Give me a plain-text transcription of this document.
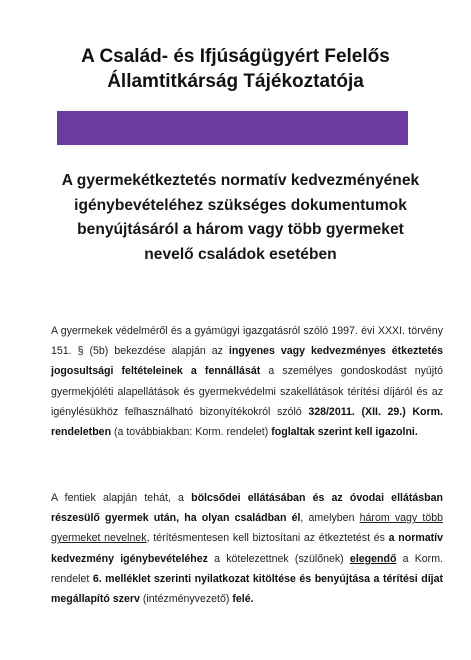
A Család- és Ifjúságügyért Felelős
Államtitkárság Tájékoztatója
A gyermekétkeztetés normatív kedvezményének
igénybevételéhez szükséges dokumentumok
benyújtásáról a három vagy több gyermeket
nevelő családok esetében
A gyermekek védelméről és a gyámügyi igazgatásról szóló 1997. évi XXXI. törvény 151. § (5b) bekezdése alapján az ingyenes vagy kedvezményes étkeztetés jogosultsági feltételeinek a fennállását a személyes gondoskodást nyújtó gyermekjóléti alapellátások és gyermekvédelmi szakellátások térítési díjáról és az igénylésükhöz felhasználható bizonyítékokról szóló 328/2011. (XII. 29.) Korm. rendeletben (a továbbiakban: Korm. rendelet) foglaltak szerint kell igazolni.
A fentiek alapján tehát, a bölcsődei ellátásában és az óvodai ellátásban részesülő gyermek után, ha olyan családban él, amelyben három vagy több gyermeket nevelnek, térítésmentesen kell biztosítani az étkeztetést és a normatív kedvezmény igénybevételéhez a kötelezettnek (szülőnek) elegendő a Korm. rendelet 6. melléklet szerinti nyilatkozat kitöltése és benyújtása a térítési díjat megállapító szerv (intézményvezető) felé.
